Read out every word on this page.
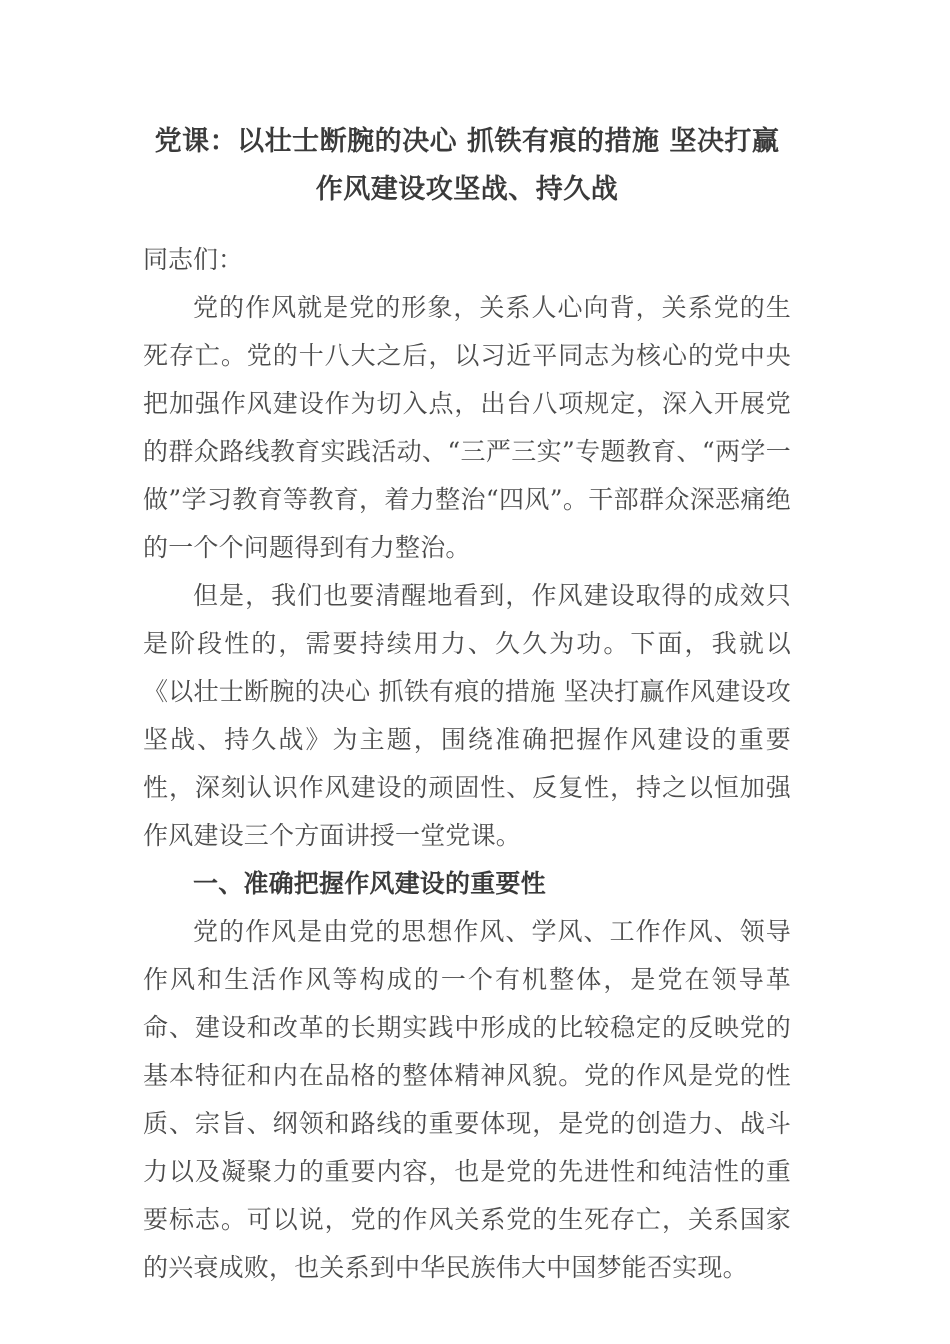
党课：以壮士断腕的决心 抓铁有痕的措施 坚决打赢作风建设攻坚战、持久战

同志们：

党的作风就是党的形象，关系人心向背，关系党的生死存亡。党的十八大之后，以习近平同志为核心的党中央把加强作风建设作为切入点，出台八项规定，深入开展党的群众路线教育实践活动、“三严三实”专题教育、“两学一做”学习教育等教育，着力整治“四风”。干部群众深恶痛绝的一个个问题得到有力整治。

但是，我们也要清醒地看到，作风建设取得的成效只是阶段性的，需要持续用力、久久为功。下面，我就以《以壮士断腕的决心 抓铁有痕的措施 坚决打赢作风建设攻坚战、持久战》为主题，围绕准确把握作风建设的重要性，深刻认识作风建设的顽固性、反复性，持之以恒加强作风建设三个方面讲授一堂党课。

一、准确把握作风建设的重要性

党的作风是由党的思想作风、学风、工作作风、领导作风和生活作风等构成的一个有机整体，是党在领导革命、建设和改革的长期实践中形成的比较稳定的反映党的基本特征和内在品格的整体精神风貌。党的作风是党的性质、宗旨、纲领和路线的重要体现，是党的创造力、战斗力以及凝聚力的重要内容，也是党的先进性和纯洁性的重要标志。可以说，党的作风关系党的生死存亡，关系国家的兴衰成败，也关系到中华民族伟大中国梦能否实现。
